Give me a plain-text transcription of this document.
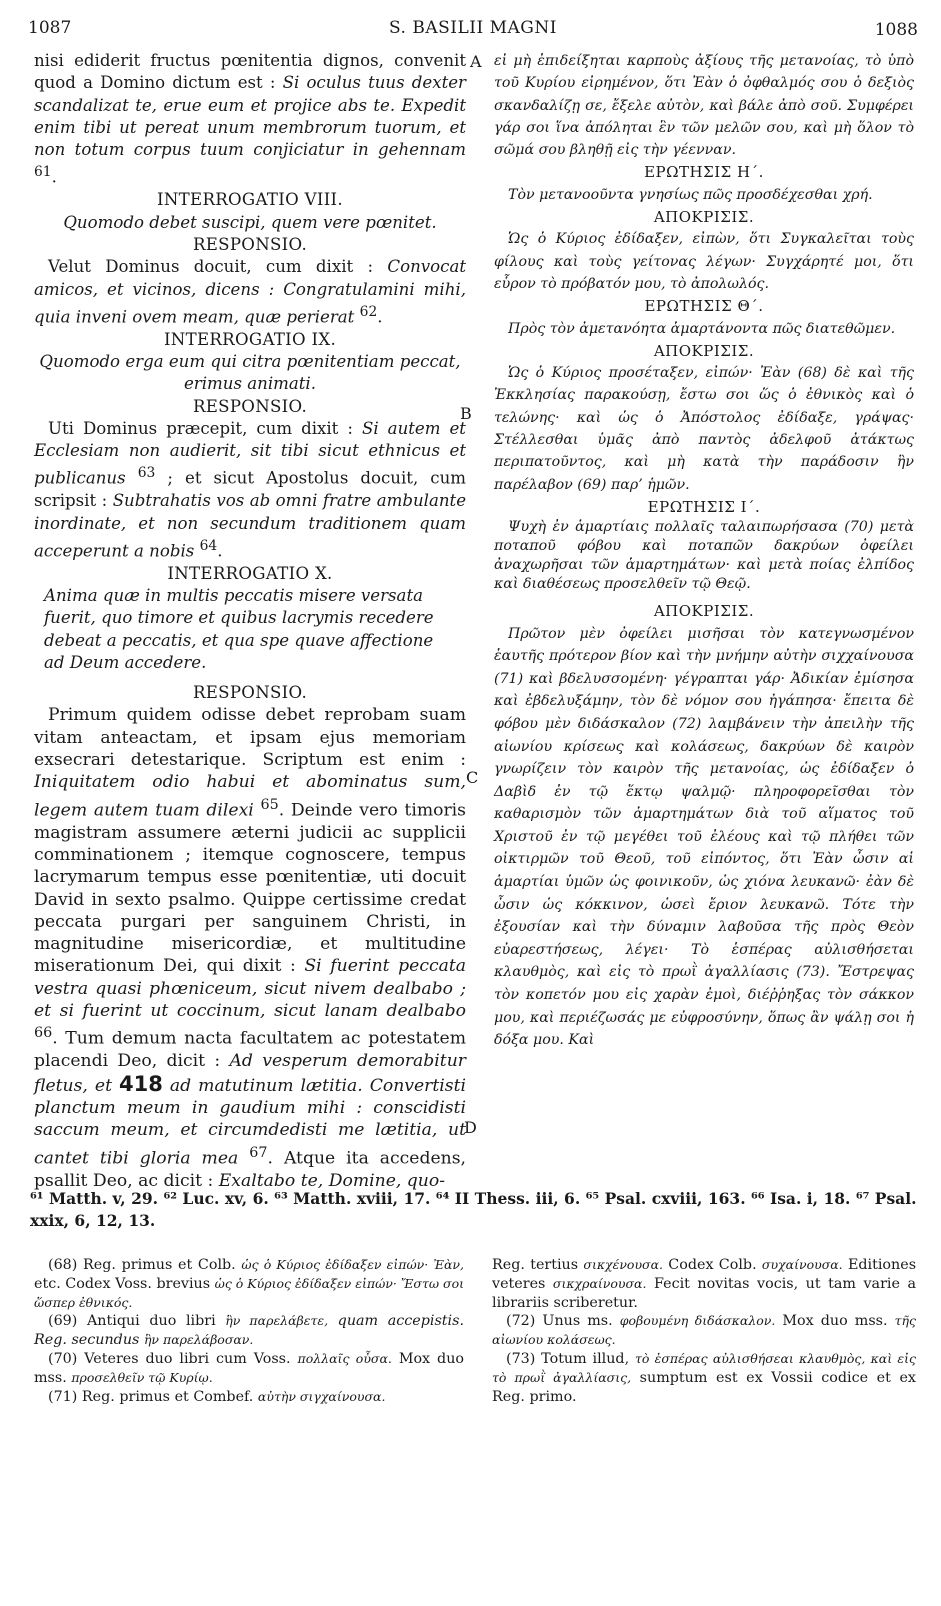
1087	S. BASILII MAGNI	1088
A
B
C
D

nisi ediderit fructus pœnitentia dignos, convenit quod a Domino dictum est : Si oculus tuus dexter scandalizat te, erue eum et projice abs te. Expedit enim tibi ut pereat unum membrorum tuorum, et non totum corpus tuum conjiciatur in gehennam $^{61}$.

INTERROGATIO VIII.

Quomodo debet suscipi, quem vere pœnitet.

RESPONSIO.

Velut Dominus docuit, cum dixit : Convocat amicos, et vicinos, dicens : Congratulamini mihi, quia inveni ovem meam, quæ perierat $^{62}$.

INTERROGATIO IX.

Quomodo erga eum qui citra pœnitentiam peccat, erimus animati.

RESPONSIO.

Uti Dominus præcepit, cum dixit : Si autem et Ecclesiam non audierit, sit tibi sicut ethnicus et publicanus $^{63}$ ; et sicut Apostolus docuit, cum scripsit : Subtrahatis vos ab omni fratre ambulante inordinate, et non secundum traditionem quam acceperunt a nobis $^{64}$.

INTERROGATIO X.

Anima quæ in multis peccatis misere versata fuerit, quo timore et quibus lacrymis recedere debeat a peccatis, et qua spe quave affectione ad Deum accedere.

RESPONSIO.

Primum quidem odisse debet reprobam suam vitam anteactam, et ipsam ejus memoriam exsecrari detestarique. Scriptum est enim : Iniquitatem odio habui et abominatus sum, legem autem tuam dilexi $^{65}$. Deinde vero timoris magistram assumere æterni judicii ac supplicii comminationem ; itemque cognoscere, tempus lacrymarum tempus esse pœnitentiæ, uti docuit David in sexto psalmo. Quippe certissime credat peccata purgari per sanguinem Christi, in magnitudine misericordiæ, et multitudine miserationum Dei, qui dixit : Si fuerint peccata vestra quasi phœniceum, sicut nivem dealbabo ; et si fuerint ut coccinum, sicut lanam dealbabo $^{66}$. Tum demum nacta facultatem ac potestatem placendi Deo, dicit : Ad vesperum demorabitur fletus, et 418 ad matutinum lætitia. Convertisti planctum meum in gaudium mihi : conscidisti saccum meum, et circumdedisti me lætitia, ut cantet tibi gloria mea $^{67}$. Atque ita accedens, psallit Deo, ac dicit : Exaltabo te, Domine, quo-

εἰ μὴ ἐπιδείξηται καρποὺς ἀξίους τῆς μετανοίας, τὸ ὑπὸ τοῦ Κυρίου εἰρημένον, ὅτι Ἐὰν ὁ ὀφθαλμός σου ὁ δεξιὸς σκανδαλίζῃ σε, ἔξελε αὐτὸν, καὶ βάλε ἀπὸ σοῦ. Συμφέρει γάρ σοι ἵνα ἀπόληται ἓν τῶν μελῶν σου, καὶ μὴ ὅλον τὸ σῶμά σου βληθῇ εἰς τὴν γέενναν.

ΕΡΩΤΗΣΙΣ Η΄.

Τὸν μετανοοῦντα γνησίως πῶς προσδέχεσθαι χρή.

ΑΠΟΚΡΙΣΙΣ.

Ὡς ὁ Κύριος ἐδίδαξεν, εἰπὼν, ὅτι Συγκαλεῖται τοὺς φίλους καὶ τοὺς γείτονας λέγων· Συγχάρητέ μοι, ὅτι εὗρον τὸ πρόβατόν μου, τὸ ἀπολωλός.

ΕΡΩΤΗΣΙΣ Θ΄.

Πρὸς τὸν ἀμετανόητα ἁμαρτάνοντα πῶς διατεθῶμεν.

ΑΠΟΚΡΙΣΙΣ.

Ὡς ὁ Κύριος προσέταξεν, εἰπών· Ἐὰν (68) δὲ καὶ τῆς Ἐκκλησίας παρακούσῃ, ἔστω σοι ὥς ὁ ἐθνικὸς καὶ ὁ τελώνης· καὶ ὡς ὁ Ἀπόστολος ἐδίδαξε, γράψας· Στέλλεσθαι ὑμᾶς ἀπὸ παντὸς ἀδελφοῦ ἀτάκτως περιπατοῦντος, καὶ μὴ κατὰ τὴν παράδοσιν ἣν παρέλαβον (69) παρ’ ἡμῶν.

ΕΡΩΤΗΣΙΣ Ι΄.

Ψυχὴ ἐν ἁμαρτίαις πολλαῖς ταλαιπωρήσασα (70) μετὰ ποταποῦ φόβου καὶ ποταπῶν δακρύων ὀφείλει ἀναχωρῆσαι τῶν ἁμαρτημάτων· καὶ μετὰ ποίας ἐλπίδος καὶ διαθέσεως προσελθεῖν τῷ Θεῷ.

ΑΠΟΚΡΙΣΙΣ.

Πρῶτον μὲν ὀφείλει μισῆσαι τὸν κατεγνωσμένον ἑαυτῆς πρότερον βίον καὶ τὴν μνήμην αὐτὴν σιχχαίνουσα (71) καὶ βδελυσσομένη· γέγραπται γάρ· Ἀδικίαν ἐμίσησα καὶ ἐβδελυξάμην, τὸν δὲ νόμον σου ἠγάπησα· ἔπειτα δὲ φόβου μὲν διδάσκαλον (72) λαμβάνειν τὴν ἀπειλὴν τῆς αἰωνίου κρίσεως καὶ κολάσεως, δακρύων δὲ καιρὸν γνωρίζειν τὸν καιρὸν τῆς μετανοίας, ὡς ἐδίδαξεν ὁ Δαβὶδ ἐν τῷ ἕκτῳ ψαλμῷ· πληροφορεῖσθαι τὸν καθαρισμὸν τῶν ἁμαρτημάτων διὰ τοῦ αἵματος τοῦ Χριστοῦ ἐν τῷ μεγέθει τοῦ ἐλέους καὶ τῷ πλήθει τῶν οἰκτιρμῶν τοῦ Θεοῦ, τοῦ εἰπόντος, ὅτι Ἐὰν ὦσιν αἱ ἁμαρτίαι ὑμῶν ὡς φοινικοῦν, ὡς χιόνα λευκανῶ· ἐὰν δὲ ὦσιν ὡς κόκκινον, ὡσεὶ ἔριον λευκανῶ. Τότε τὴν ἐξουσίαν καὶ τὴν δύναμιν λαβοῦσα τῆς πρὸς Θεὸν εὐαρεστήσεως, λέγει· Τὸ ἑσπέρας αὐλισθήσεται κλαυθμὸς, καὶ εἰς τὸ πρωῒ ἀγαλλίασις (73). Ἔστρεψας τὸν κοπετόν μου εἰς χαρὰν ἐμοὶ, διέῤῥηξας τὸν σάκκον μου, καὶ περιέζωσάς με εὐφροσύνην, ὅπως ἂν ψάλῃ σοι ἡ δόξα μου. Καὶ

⁶¹ Matth. v, 29. ⁶² Luc. xv, 6. ⁶³ Matth. xviii, 17. ⁶⁴ II Thess. iii, 6. ⁶⁵ Psal. cxviii, 163. ⁶⁶ Isa. i, 18. ⁶⁷ Psal. xxix, 6, 12, 13.

(68) Reg. primus et Colb. ὡς ὁ Κύριος ἐδίδαξεν εἰπών· Ἐὰν, etc. Codex Voss. brevius ὡς ὁ Κύριος ἐδίδαξεν εἰπών· Ἔστω σοι ὥσπερ ἐθνικός.

(69) Antiqui duo libri ἣν παρελάβετε, quam accepistis. Reg. secundus ἣν παρελάβοσαν.

(70) Veteres duo libri cum Voss. πολλαῖς οὖσα. Mox duo mss. προσελθεῖν τῷ Κυρίῳ.

(71) Reg. primus et Combef. αὐτὴν σιγχαίνουσα.

Reg. tertius σικχένουσα. Codex Colb. συχαίνουσα. Editiones veteres σικχραίνουσα. Fecit novitas vocis, ut tam varie a librariis scriberetur.

(72) Unus ms. φοβουμένη διδάσκαλον. Mox duo mss. τῆς αἰωνίου κολάσεως.

(73) Totum illud, τὸ ἑσπέρας αὐλισθήσεαι κλαυθμὸς, καὶ εἰς τὸ πρωῒ ἀγαλλίασις, sumptum est ex Vossii codice et ex Reg. primo.
